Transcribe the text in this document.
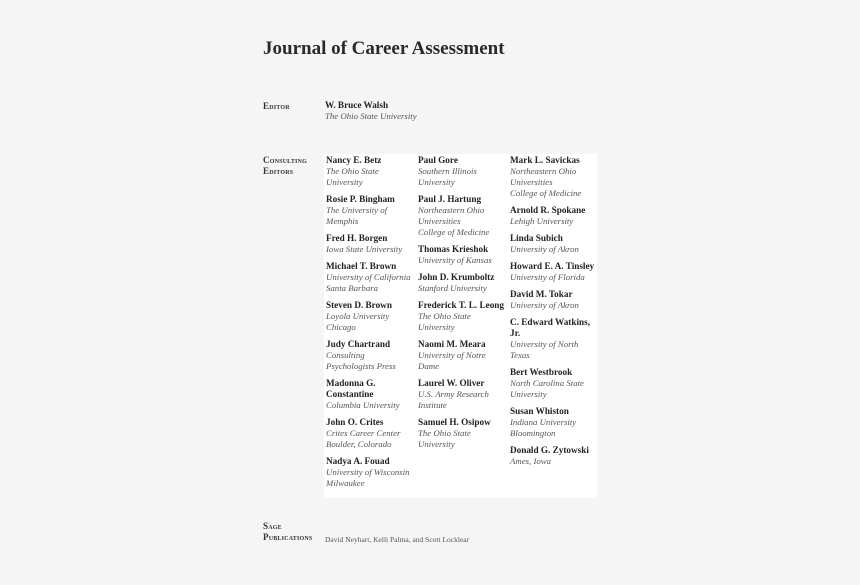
Journal of Career Assessment
Editor	W. Bruce Walsh
The Ohio State University
Consulting
Editors
Nancy E. Betz
The Ohio State
University
Rosie P. Bingham
The University of
Memphis
Fred H. Borgen
Iowa State University
Michael T. Brown
University of California
Santa Barbara
Steven D. Brown
Loyola University
Chicago
Judy Chartrand
Consulting
Psychologists Press
Madonna G.
Constantine
Columbia University
John O. Crites
Crites Career Center
Boulder, Colorado
Nadya A. Fouad
University of Wisconsin
Milwaukee
Paul Gore
Southern Illinois
University
Paul J. Hartung
Northeastern Ohio
Universities
College of Medicine
Thomas Krieshok
University of Kansas
John D. Krumboltz
Stanford University
Frederick T. L. Leong
The Ohio State
University
Naomi M. Meara
University of Notre
Dame
Laurel W. Oliver
U.S. Army Research
Institute
Samuel H. Osipow
The Ohio State
University
Mark L. Savickas
Northeastern Ohio
Universities
College of Medicine
Arnold R. Spokane
Lehigh University
Linda Subich
University of Akron
Howard E. A. Tinsley
University of Florida
David M. Tokar
University of Akron
C. Edward Watkins, Jr.
University of North
Texas
Bert Westbrook
North Carolina State
University
Susan Whiston
Indiana University
Bloomington
Donald G. Zytowski
Ames, Iowa
Sage
Publications David Neyhart, Kelli Palma, and Scott Locklear
